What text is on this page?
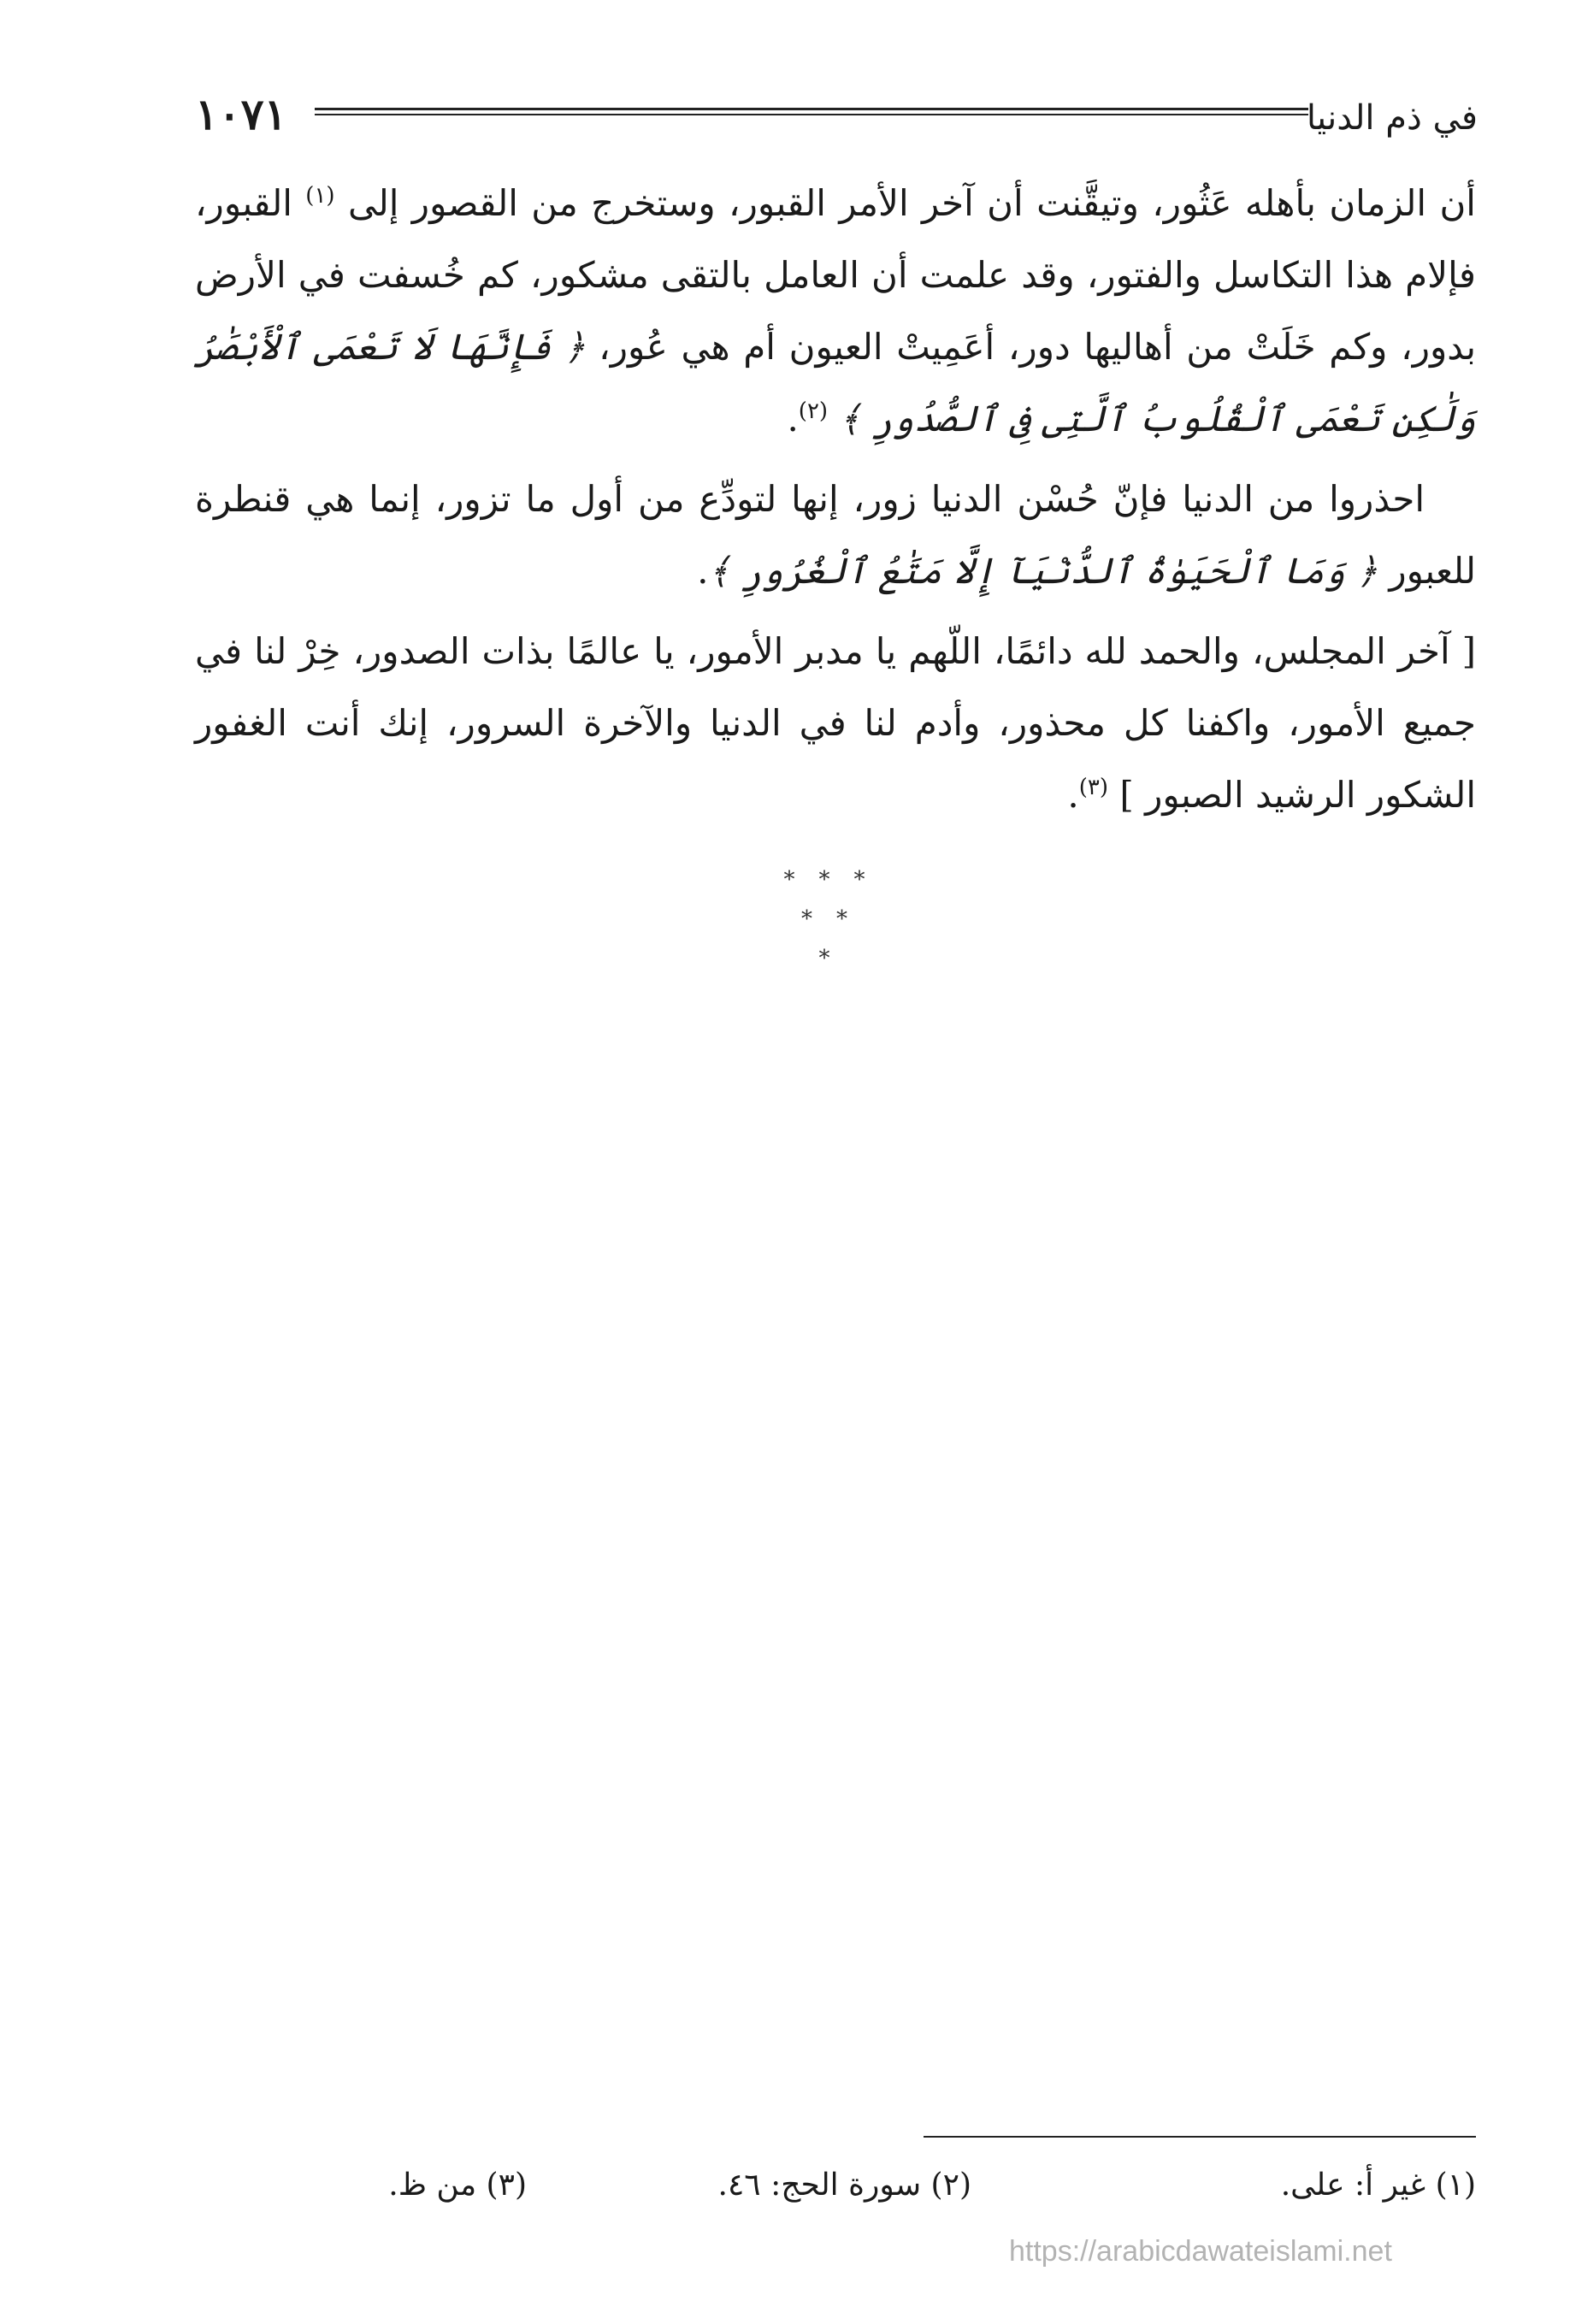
في ذم الدنيا
١٠٧١

أن الزمان بأهله عَثُور، وتيقَّنت أن آخر الأمر القبور، وستخرج من القصور إلى $^{(١)}$ القبور، فإلام هذا التكاسل والفتور، وقد علمت أن العامل بالتقى مشكور، كم خُسفت في الأرض بدور، وكم خَلَتْ من أهاليها دور، أعَمِيتْ العيون أم هي عُور، ﴿ فَإِنَّهَا لَا تَعْمَى ٱلْأَبْصَٰرُ وَلَٰكِن تَعْمَى ٱلْقُلُوبُ ٱلَّتِى فِى ٱلصُّدُورِ ﴾ $^{(٢)}$.

احذروا من الدنيا فإنّ حُسْن الدنيا زور، إنها لتودِّع من أول ما تزور، إنما هي قنطرة للعبور ﴿ وَمَا ٱلْحَيَوٰةُ ٱلدُّنْيَآ إِلَّا مَتَٰعُ ٱلْغُرُورِ ﴾.

[ آخر المجلس، والحمد لله دائمًا، اللّهم يا مدبر الأمور، يا عالمًا بذات الصدور، خِرْ لنا في جميع الأمور، واكفنا كل محذور، وأدم لنا في الدنيا والآخرة السرور، إنك أنت الغفور الشكور الرشيد الصبور ] $^{(٣)}$.

***
**
*
(١) غير أ: على.
(٢) سورة الحج: ٤٦.
(٣) من ظ.
https://arabicdawateislami.net
